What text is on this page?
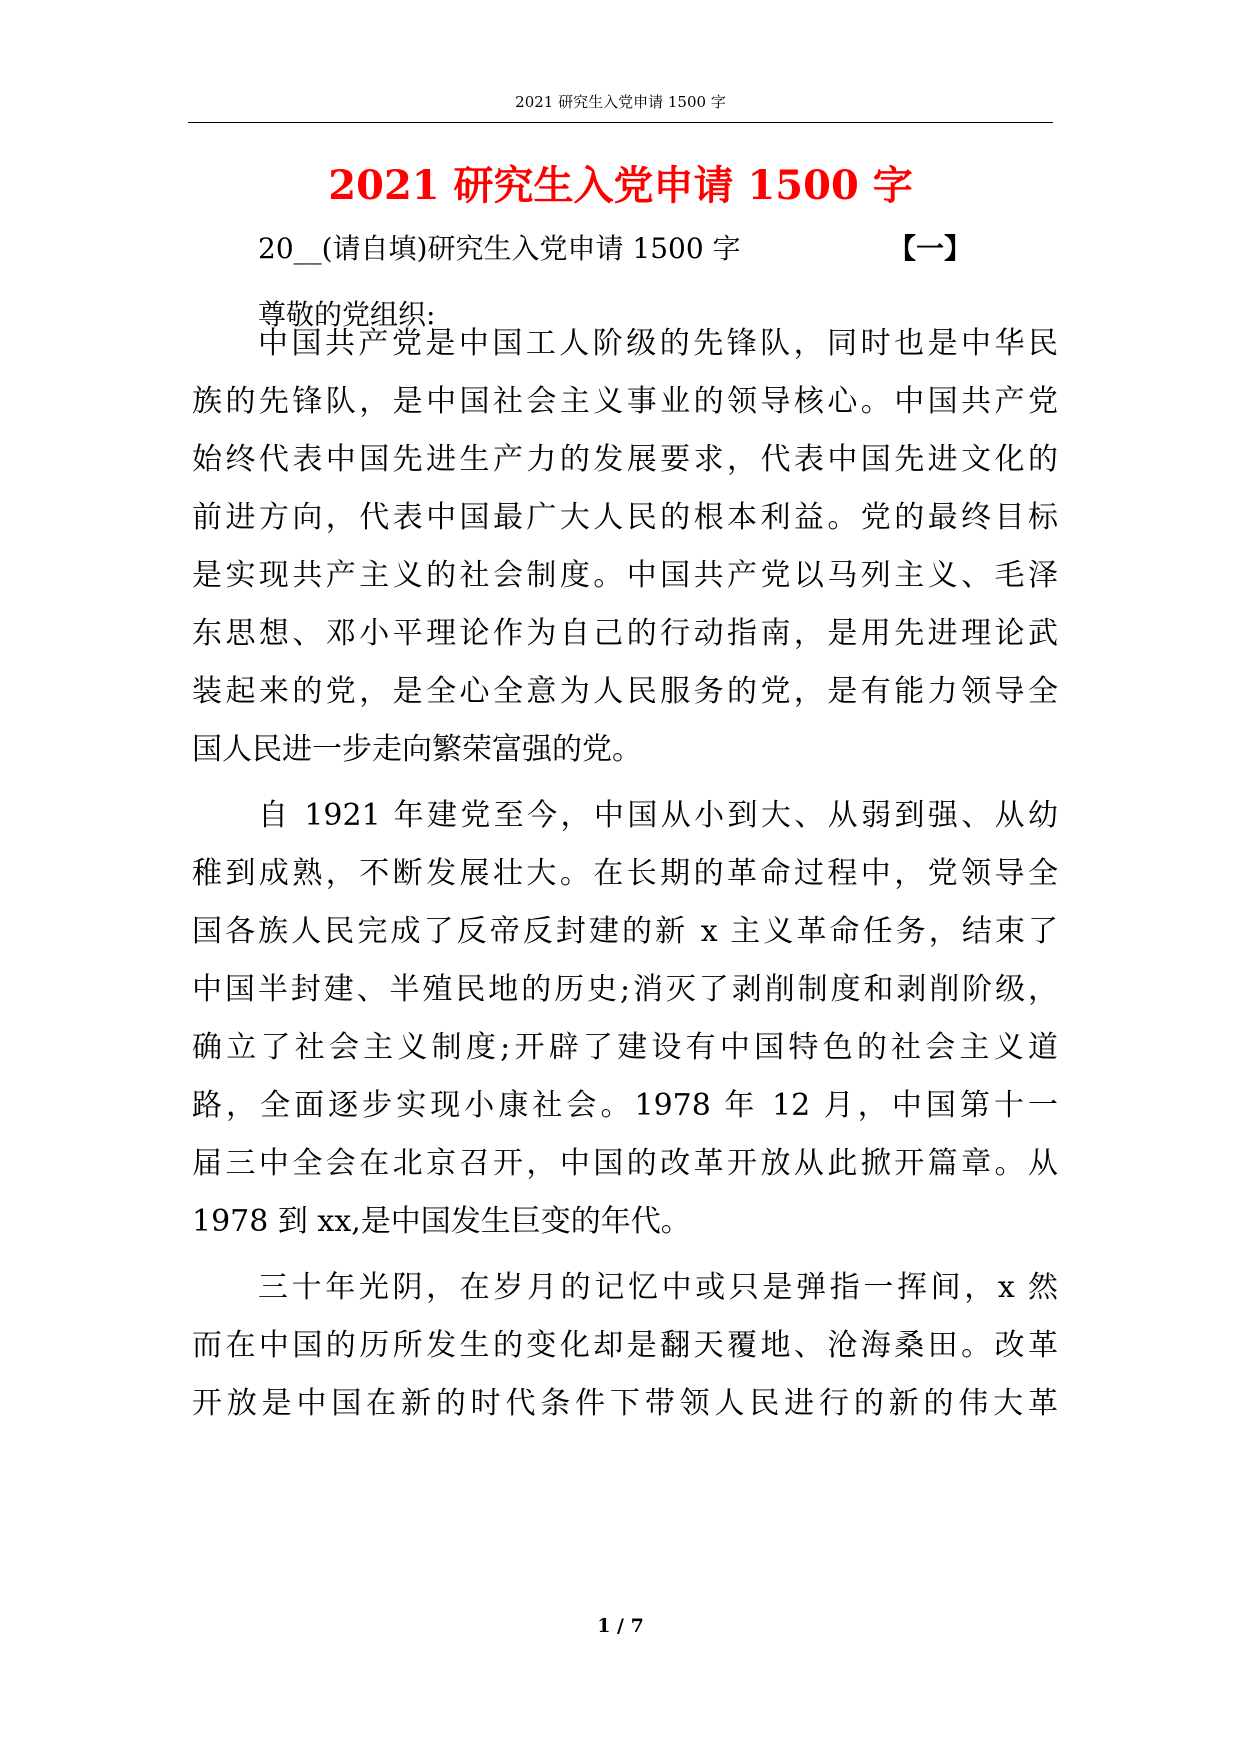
2021 研究生入党申请 1500 字
2021 研究生入党申请 1500 字
20__(请自填)研究生入党申请 1500 字	【一】
尊敬的党组织:
中国共产党是中国工人阶级的先锋队，同时也是中华民
族的先锋队，是中国社会主义事业的领导核心。中国共产党
始终代表中国先进生产力的发展要求，代表中国先进文化的
前进方向，代表中国最广大人民的根本利益。党的最终目标
是实现共产主义的社会制度。中国共产党以马列主义、毛泽
东思想、邓小平理论作为自己的行动指南，是用先进理论武
装起来的党，是全心全意为人民服务的党，是有能力领导全
国人民进一步走向繁荣富强的党。
自 1921 年建党至今，中国从小到大、从弱到强、从幼
稚到成熟，不断发展壮大。在长期的革命过程中，党领导全
国各族人民完成了反帝反封建的新 x 主义革命任务，结束了
中国半封建、半殖民地的历史;消灭了剥削制度和剥削阶级，
确立了社会主义制度;开辟了建设有中国特色的社会主义道
路，全面逐步实现小康社会。1978 年 12 月，中国第十一
届三中全会在北京召开，中国的改革开放从此掀开篇章。从
1978 到 xx,是中国发生巨变的年代。
三十年光阴，在岁月的记忆中或只是弹指一挥间，x 然
而在中国的历所发生的变化却是翻天覆地、沧海桑田。改革
开放是中国在新的时代条件下带领人民进行的新的伟大革
1 / 7
